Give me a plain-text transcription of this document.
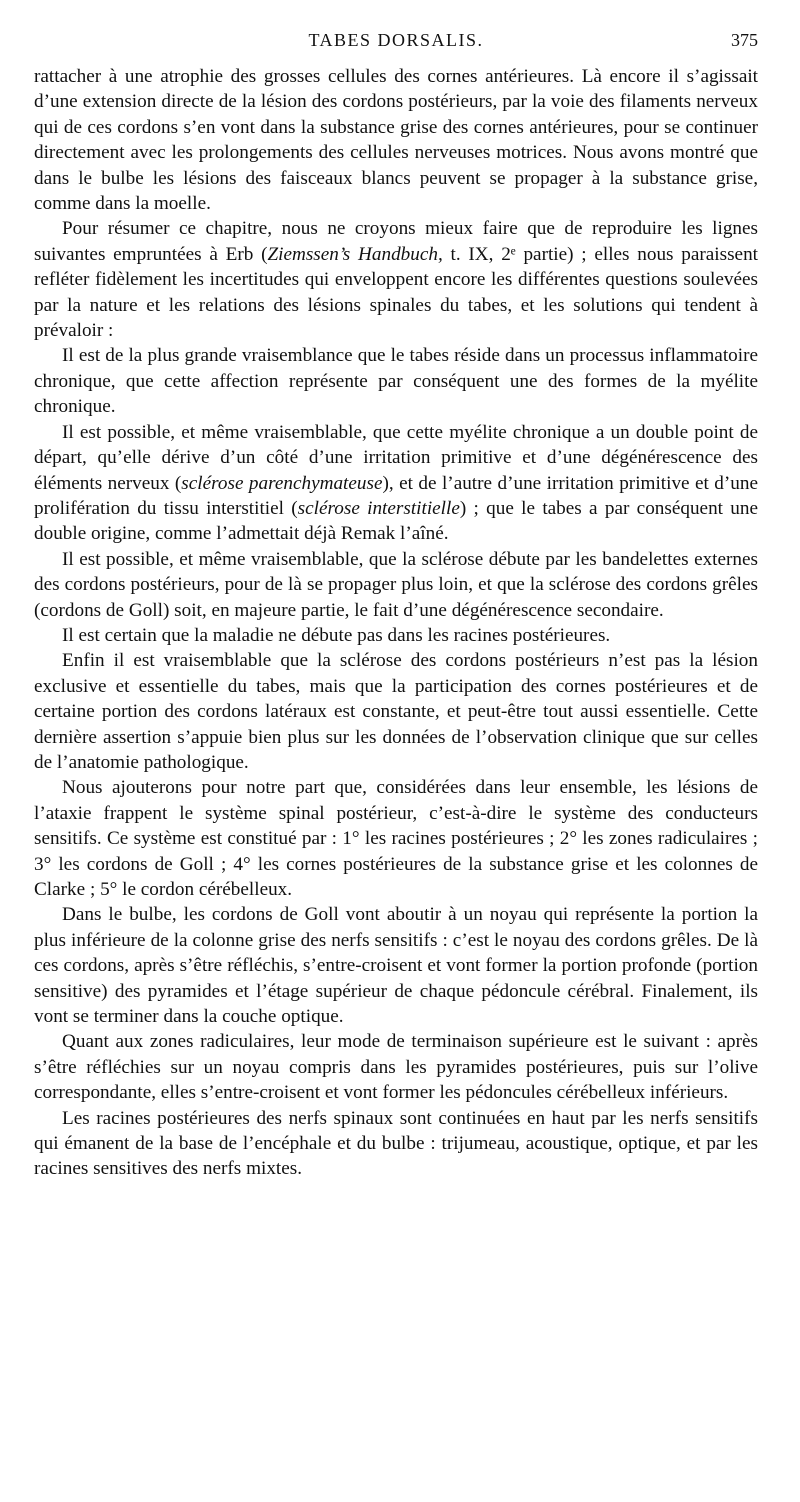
TABES DORSALIS.	375

rattacher à une atrophie des grosses cellules des cornes antérieures. Là encore il s’agissait d’une extension directe de la lésion des cordons postérieurs, par la voie des filaments nerveux qui de ces cordons s’en vont dans la substance grise des cornes antérieures, pour se continuer directement avec les prolongements des cellules nerveuses motrices. Nous avons montré que dans le bulbe les lésions des faisceaux blancs peuvent se propager à la substance grise, comme dans la moelle.

Pour résumer ce chapitre, nous ne croyons mieux faire que de reproduire les lignes suivantes empruntées à Erb (Ziemssen’s Handbuch, t. IX, 2ᵉ partie) ; elles nous paraissent refléter fidèlement les incertitudes qui enveloppent encore les différentes questions soulevées par la nature et les relations des lésions spinales du tabes, et les solutions qui tendent à prévaloir :

Il est de la plus grande vraisemblance que le tabes réside dans un processus inflammatoire chronique, que cette affection représente par conséquent une des formes de la myélite chronique.

Il est possible, et même vraisemblable, que cette myélite chronique a un double point de départ, qu’elle dérive d’un côté d’une irritation primitive et d’une dégénérescence des éléments nerveux (sclérose parenchymateuse), et de l’autre d’une irritation primitive et d’une prolifération du tissu interstitiel (sclérose interstitielle) ; que le tabes a par conséquent une double origine, comme l’admettait déjà Remak l’aîné.

Il est possible, et même vraisemblable, que la sclérose débute par les bandelettes externes des cordons postérieurs, pour de là se propager plus loin, et que la sclérose des cordons grêles (cordons de Goll) soit, en majeure partie, le fait d’une dégénérescence secondaire.

Il est certain que la maladie ne débute pas dans les racines postérieures.

Enfin il est vraisemblable que la sclérose des cordons postérieurs n’est pas la lésion exclusive et essentielle du tabes, mais que la participation des cornes postérieures et de certaine portion des cordons latéraux est constante, et peut-être tout aussi essentielle. Cette dernière assertion s’appuie bien plus sur les données de l’observation clinique que sur celles de l’anatomie pathologique.

Nous ajouterons pour notre part que, considérées dans leur ensemble, les lésions de l’ataxie frappent le système spinal postérieur, c’est-à-dire le système des conducteurs sensitifs. Ce système est constitué par : 1° les racines postérieures ; 2° les zones radiculaires ; 3° les cordons de Goll ; 4° les cornes postérieures de la substance grise et les colonnes de Clarke ; 5° le cordon cérébelleux.

Dans le bulbe, les cordons de Goll vont aboutir à un noyau qui représente la portion la plus inférieure de la colonne grise des nerfs sensitifs : c’est le noyau des cordons grêles. De là ces cordons, après s’être réfléchis, s’entre-croisent et vont former la portion profonde (portion sensitive) des pyramides et l’étage supérieur de chaque pédoncule cérébral. Finalement, ils vont se terminer dans la couche optique.

Quant aux zones radiculaires, leur mode de terminaison supérieure est le suivant : après s’être réfléchies sur un noyau compris dans les pyramides postérieures, puis sur l’olive correspondante, elles s’entre-croisent et vont former les pédoncules cérébelleux inférieurs.

Les racines postérieures des nerfs spinaux sont continuées en haut par les nerfs sensitifs qui émanent de la base de l’encéphale et du bulbe : trijumeau, acoustique, optique, et par les racines sensitives des nerfs mixtes.
